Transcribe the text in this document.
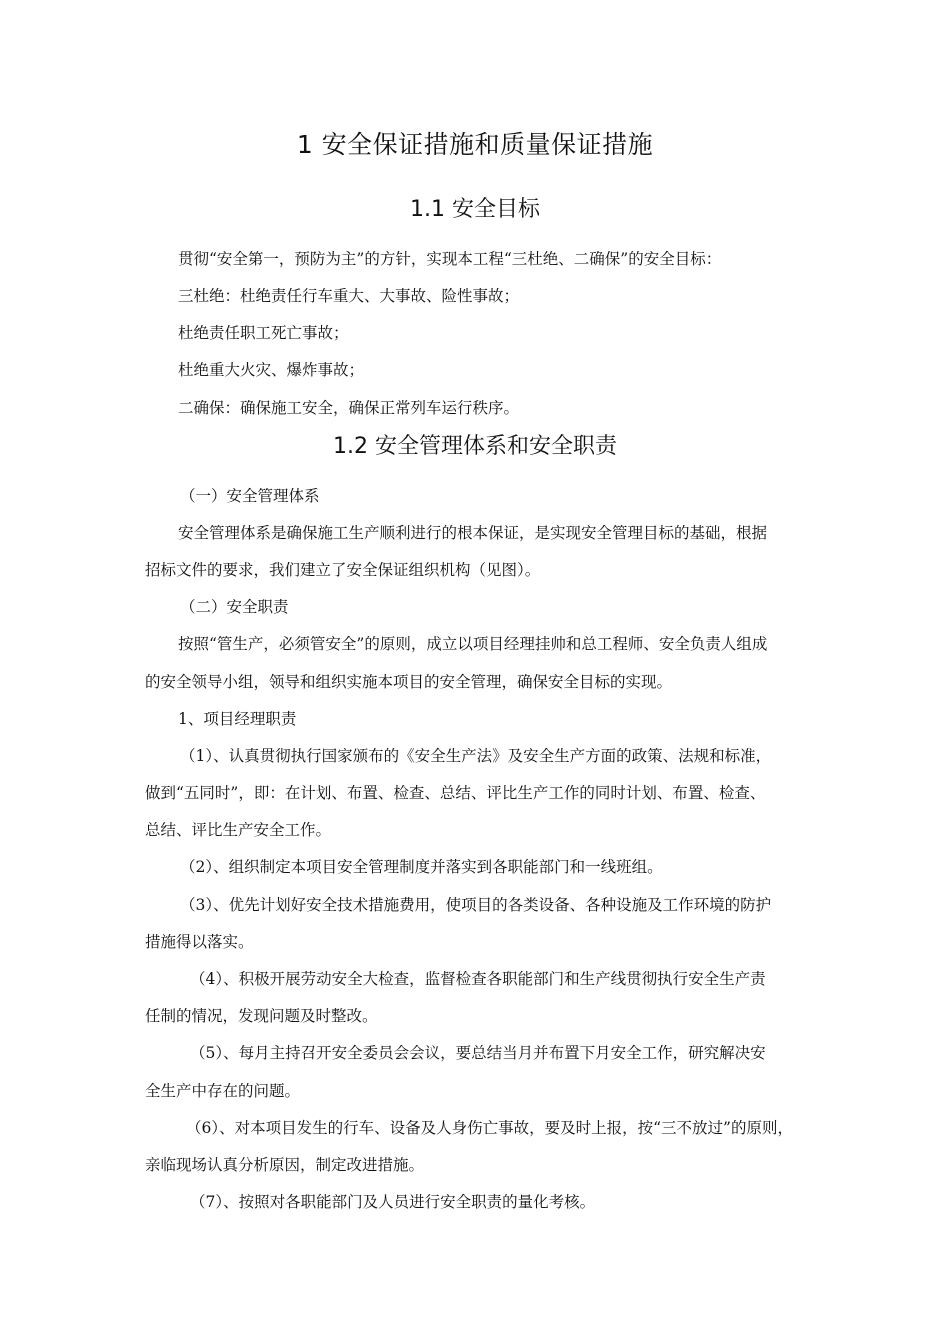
1 安全保证措施和质量保证措施
1.1 安全目标
贯彻“安全第一，预防为主”的方针，实现本工程“三杜绝、二确保”的安全目标：
三杜绝：杜绝责任行车重大、大事故、险性事故；
杜绝责任职工死亡事故；
杜绝重大火灾、爆炸事故；
二确保：确保施工安全，确保正常列车运行秩序。
1.2 安全管理体系和安全职责
（一）安全管理体系
安全管理体系是确保施工生产顺利进行的根本保证，是实现安全管理目标的基础，根据
招标文件的要求，我们建立了安全保证组织机构（见图）。
（二）安全职责
按照“管生产，必须管安全”的原则，成立以项目经理挂帅和总工程师、安全负责人组成
的安全领导小组，领导和组织实施本项目的安全管理，确保安全目标的实现。
1、项目经理职责
（1）、认真贯彻执行国家颁布的《安全生产法》及安全生产方面的政策、法规和标准，
做到“五同时”，即：在计划、布置、检查、总结、评比生产工作的同时计划、布置、检查、
总结、评比生产安全工作。
（2）、组织制定本项目安全管理制度并落实到各职能部门和一线班组。
（3）、优先计划好安全技术措施费用，使项目的各类设备、各种设施及工作环境的防护
措施得以落实。
（4）、积极开展劳动安全大检查，监督检查各职能部门和生产线贯彻执行安全生产责
任制的情况，发现问题及时整改。
（5）、每月主持召开安全委员会会议，要总结当月并布置下月安全工作，研究解决安
全生产中存在的问题。
（6）、对本项目发生的行车、设备及人身伤亡事故，要及时上报，按“三不放过”的原则，
亲临现场认真分析原因，制定改进措施。
（7）、按照对各职能部门及人员进行安全职责的量化考核。
